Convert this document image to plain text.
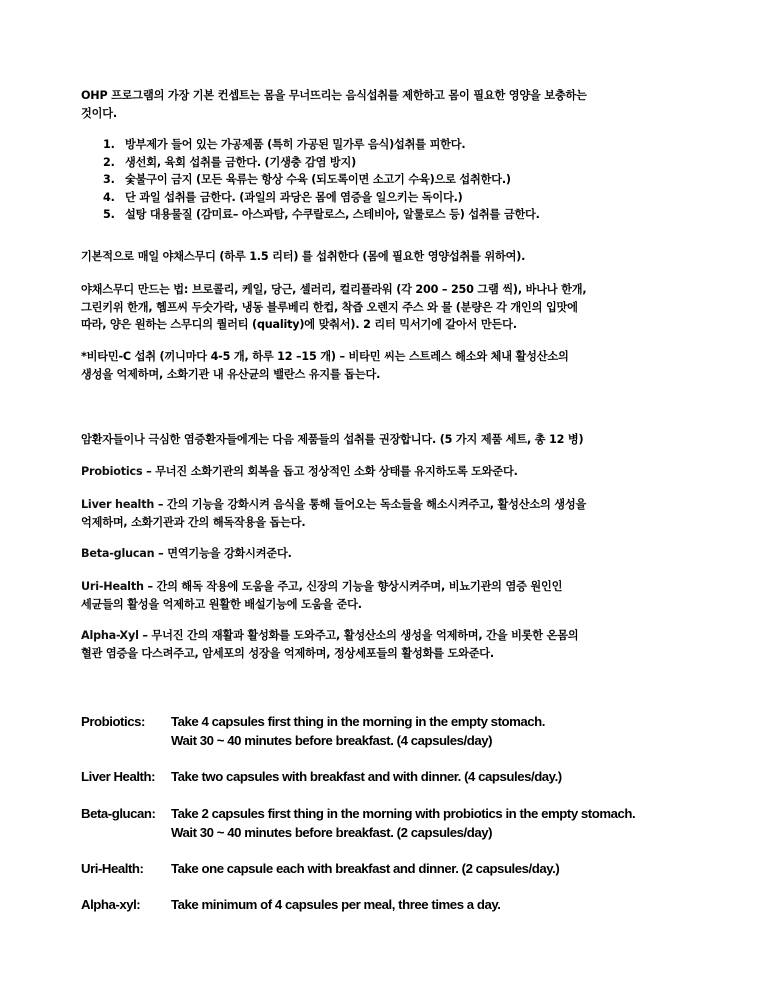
OHP 프로그램의 가장 기본 컨셉트는 몸을 무너뜨리는 음식섭취를 제한하고 몸이 필요한 영양을 보충하는
것이다.
1. 방부제가 들어 있는 가공제품 (특히 가공된 밀가루 음식)섭취를 피한다.
2. 생선회, 육회 섭취를 금한다. (기생충 감염 방지)
3. 숯불구이 금지 (모든 육류는 항상 수육 (되도록이면 소고기 수육)으로 섭취한다.)
4. 단 과일 섭취를 금한다. (과일의 과당은 몸에 염증을 일으키는 독이다.)
5. 설탕 대용물질 (감미료– 아스파탐, 수쿠랄로스, 스테비아, 알룰로스 등) 섭취를 금한다.
기본적으로 매일 야채스무디 (하루 1.5 리터) 를 섭취한다 (몸에 필요한 영양섭취를 위하여).
야채스무디 만드는 법: 브로콜리, 케일, 당근, 셀러리, 컬리플라워 (각 200 – 250 그램 씩), 바나나 한개,
그린키위 한개, 헴프씨 두숫가락, 냉동 블루베리 한컵, 착즙 오렌지 주스 와 물 (분량은 각 개인의 입맛에
따라, 양은 원하는 스무디의 퀄러티 (quality)에 맞춰서). 2 리터 믹서기에 갈아서 만든다.
*비타민-C 섭취 (끼니마다 4-5 개, 하루 12 –15 개) – 비타민 씨는 스트레스 해소와 체내 활성산소의
생성을 억제하며, 소화기관 내 유산균의 밸란스 유지를 돕는다.
암환자들이나 극심한 염증환자들에게는 다음 제품들의 섭취를 권장합니다. (5 가지 제품 세트, 총 12 병)
Probiotics – 무너진 소화기관의 회복을 돕고 정상적인 소화 상태를 유지하도록 도와준다.
Liver health – 간의 기능을 강화시켜 음식을 통해 들어오는 독소들을 해소시켜주고, 활성산소의 생성을
억제하며, 소화기관과 간의 해독작용을 돕는다.
Beta-glucan – 면역기능을 강화시켜준다.
Uri-Health – 간의 해독 작용에 도움을 주고, 신장의 기능을 향상시켜주며, 비뇨기관의 염증 원인인
세균들의 활성을 억제하고 원활한 배설기능에 도움을 준다.
Alpha-Xyl – 무너진 간의 재활과 활성화를 도와주고, 활성산소의 생성을 억제하며, 간을 비롯한 온몸의
혈관 염증을 다스려주고, 암세포의 성장을 억제하며, 정상세포들의 활성화를 도와준다.
Probiotics:	Take 4 capsules first thing in the morning in the empty stomach.
Wait 30 ~ 40 minutes before breakfast. (4 capsules/day)
Liver Health:	Take two capsules with breakfast and with dinner. (4 capsules/day.)
Beta-glucan:	Take 2 capsules first thing in the morning with probiotics in the empty stomach.
Wait 30 ~ 40 minutes before breakfast. (2 capsules/day)
Uri-Health:	Take one capsule each with breakfast and dinner. (2 capsules/day.)
Alpha-xyl:	Take minimum of 4 capsules per meal, three times a day.
